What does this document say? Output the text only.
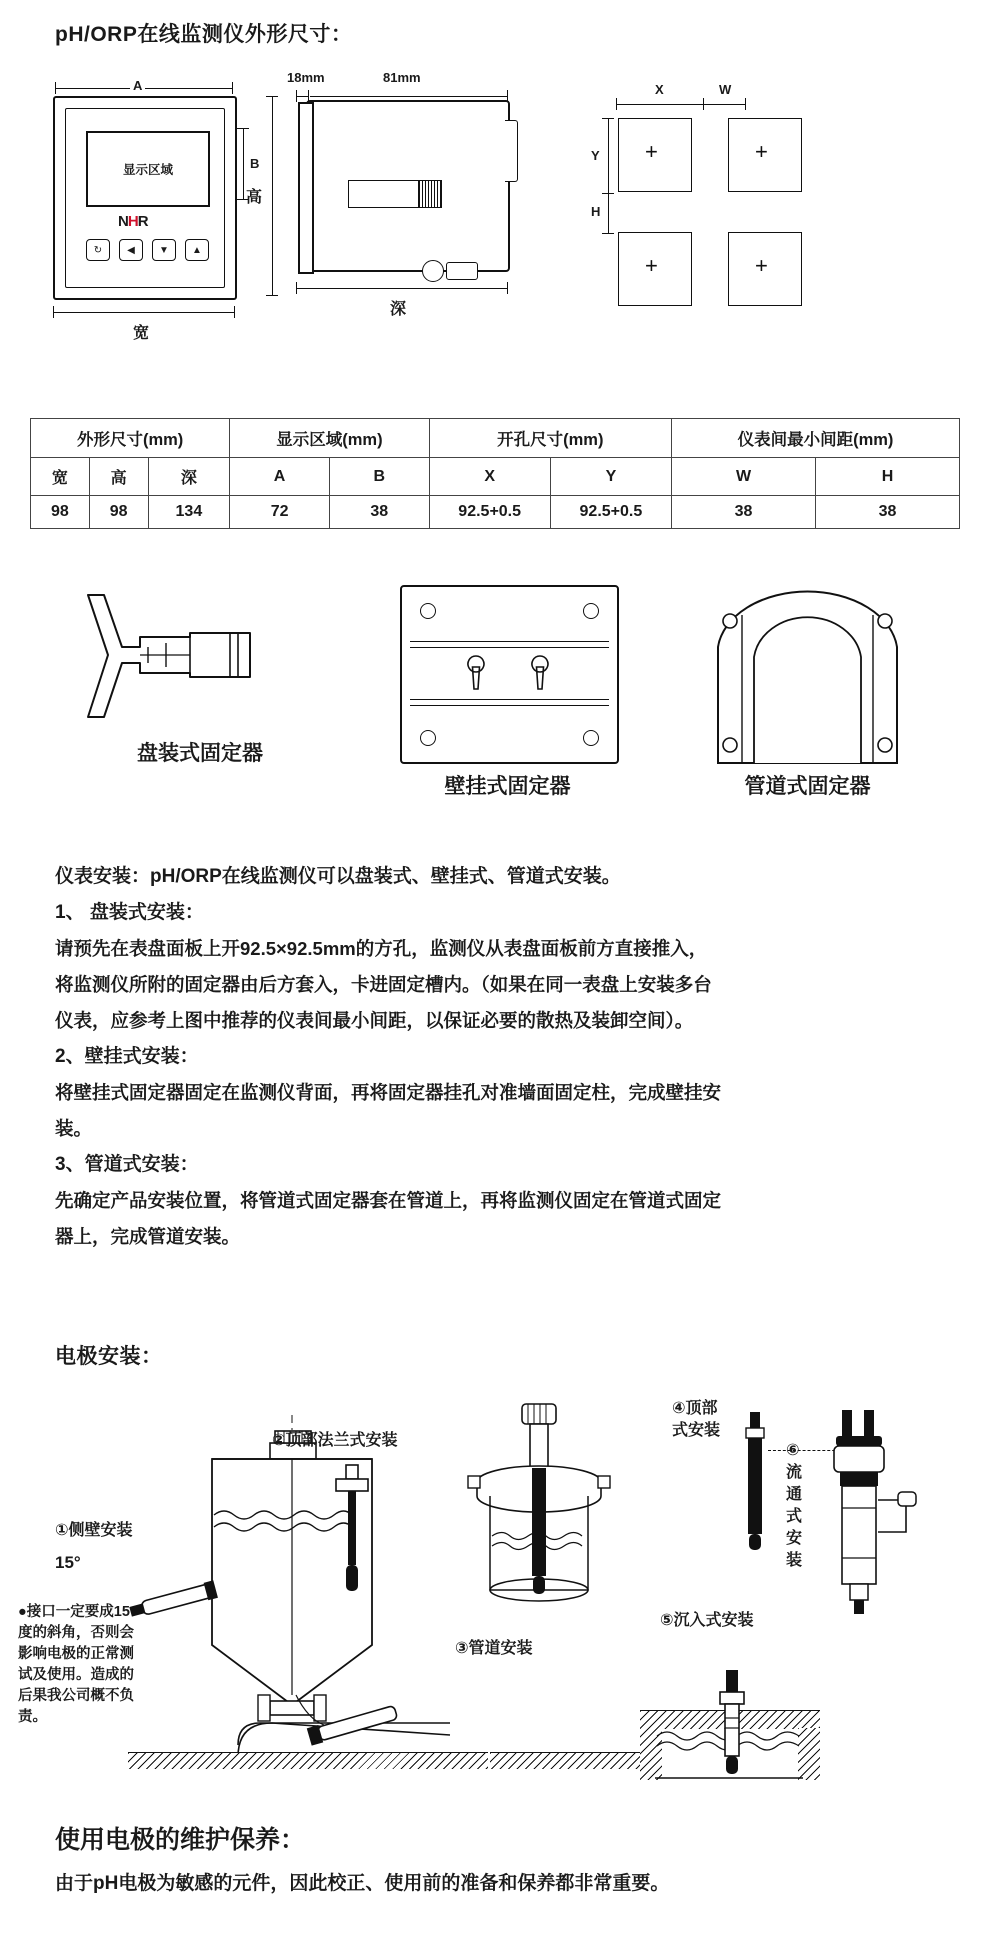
pH/ORP在线监测仪外形尺寸：
A
显示区域
NHR
↻	◀	▼	▲
B
高
宽
18mm	81mm
深
X	W
Y
H
+	+
+	+
外形尺寸(mm)			显示区域(mm)		开孔尺寸(mm)		仪表间最小间距(mm)	
宽	高	深	A	B	X	Y	W	H
98	98	134	72	38	92.5+0.5	92.5+0.5	38	38
盘装式固定器
壁挂式固定器	管道式固定器

仪表安装：pH/ORP在线监测仪可以盘装式、壁挂式、管道式安装。

1、 盘装式安装：

请预先在表盘面板上开92.5×92.5mm的方孔，监测仪从表盘面板前方直接推入，

将监测仪所附的固定器由后方套入，卡进固定槽内。（如果在同一表盘上安装多台

仪表，应参考上图中推荐的仪表间最小间距，以保证必要的散热及装卸空间）。

2、壁挂式安装：

将壁挂式固定器固定在监测仪背面，再将固定器挂孔对准墙面固定柱，完成壁挂安

装。

3、管道式安装：

先确定产品安装位置，将管道式固定器套在管道上，再将监测仪固定在管道式固定

器上，完成管道安装。

电极安装：
①侧壁安装
15°
②顶部法兰式安装
③管道安装
④顶部
式安装
⑤沉入式安装
⑥
流
通
式
安
装
●接口一定要成15度的斜角，否则会影响电极的正常测试及使用。造成的后果我公司概不负责。
使用电极的维护保养：
由于pH电极为敏感的元件，因此校正、使用前的准备和保养都非常重要。
